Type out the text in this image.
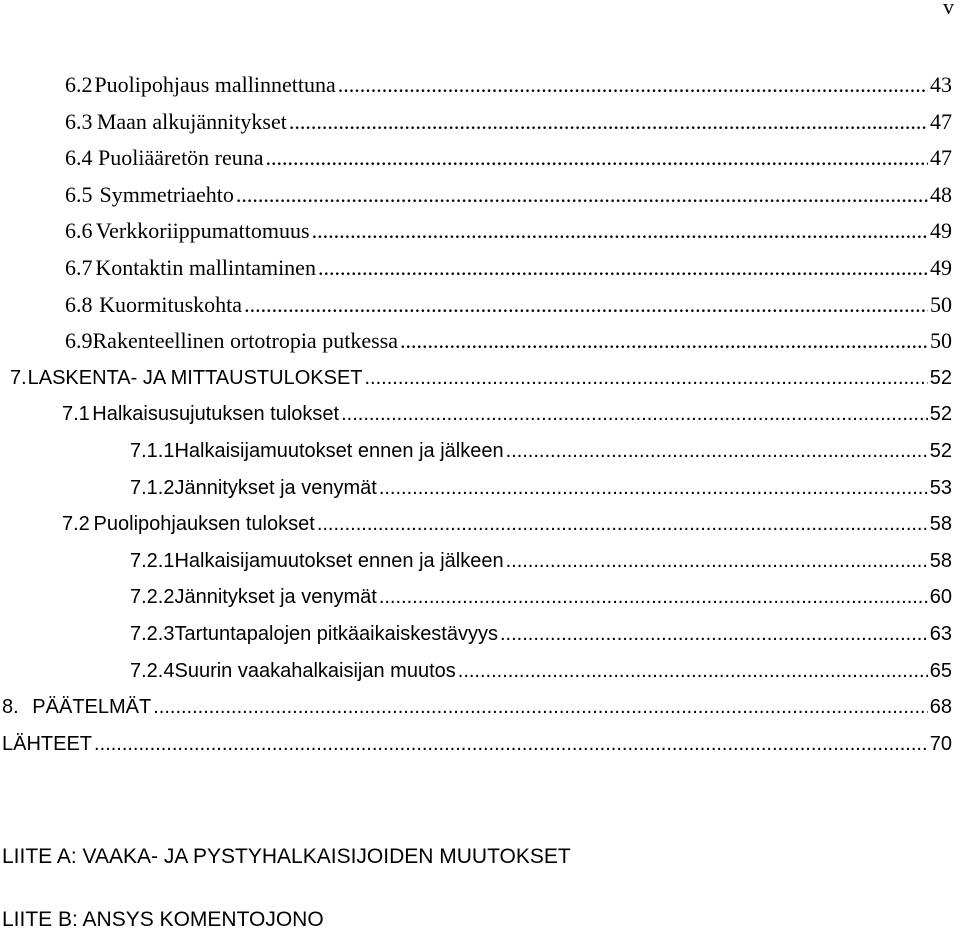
v
6.2 Puolipohjaus mallinnettuna .....	43
6.3 Maan alkujännitykset .....	47
6.4 Puoliääretön reuna .....	47
6.5 Symmetriaehto .....	48
6.6 Verkkoriippumattomuus .....	49
6.7 Kontaktin mallintaminen .....	49
6.8 Kuormituskohta .....	50
6.9 Rakenteellinen ortotropia putkessa .....	50
7. LASKENTA- JA MITTAUSTULOKSET .....	52
7.1 Halkaisusujutuksen tulokset .....	52
7.1.1 Halkaisijamuutokset ennen ja jälkeen .....	52
7.1.2 Jännitykset ja venymät .....	53
7.2 Puolipohjauksen tulokset .....	58
7.2.1 Halkaisijamuutokset ennen ja jälkeen .....	58
7.2.2 Jännitykset ja venymät .....	60
7.2.3 Tartuntapalojen pitkäaikaiskestävyys .....	63
7.2.4 Suurin vaakahalkaisijan muutos .....	65
8. PÄÄTELMÄT .....	68
LÄHTEET .....	70
LIITE A: VAAKA- JA PYSTYHALKAISIJOIDEN MUUTOKSET
LIITE B: ANSYS KOMENTOJONO
